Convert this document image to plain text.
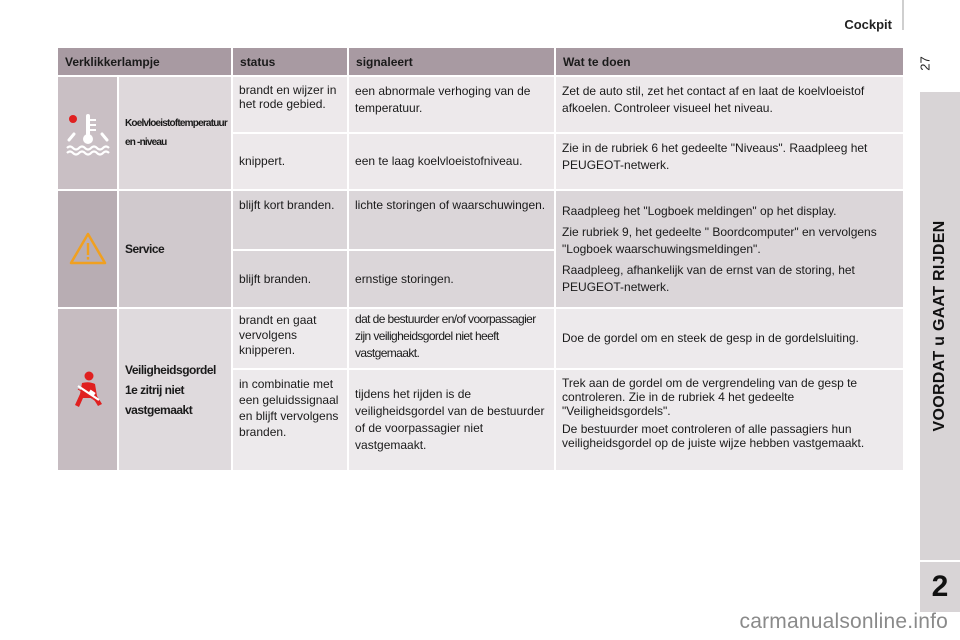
Cockpit
27
VOORDAT u GAAT RIJDEN
2
Verklikkerlampje		status	signaleert	Wat te doen

	Koelvloeistoftemperatuur en -niveau	brandt en wijzer in het rode gebied.	een abnormale verhoging van de temperatuur.	Zet de auto stil, zet het contact af en laat de koelvloeistof afkoelen. Controleer visueel het niveau.
		knippert.	een te laag koelvloeistofniveau.	Zie in de rubriek 6 het gedeelte "Niveaus". Raadpleeg het PEUGEOT-netwerk.

	Service	blijft kort branden.	lichte storingen of waarschuwingen.	Raadpleeg het "Logboek meldingen" op het display.
Zie rubriek 9, het gedeelte " Boordcomputer" en vervolgens "Logboek waarschuwingsmeldingen".
Raadpleeg, afhankelijk van de ernst van de storing, het PEUGEOT-netwerk.

		blijft branden.	ernstige storingen.	

	Veiligheidsgordel 1e zitrij niet vastgemaakt	brandt en gaat vervolgens knipperen.	dat de bestuurder en/of voorpassagier zijn veiligheidsgordel niet heeft vastgemaakt.	Doe de gordel om en steek de gesp in de gordelsluiting.
		in combinatie met een geluidssignaal en blijft vervolgens branden.	tijdens het rijden is de veiligheidsgordel van de bestuurder of de voorpassagier niet vastgemaakt.	Trek aan de gordel om de vergrendeling van de gesp te controleren. Zie in de rubriek 4 het gedeelte "Veiligheidsgordels".
De bestuurder moet controleren of alle passagiers hun veiligheidsgordel op de juiste wijze hebben vastgemaakt.
carmanualsonline.info
